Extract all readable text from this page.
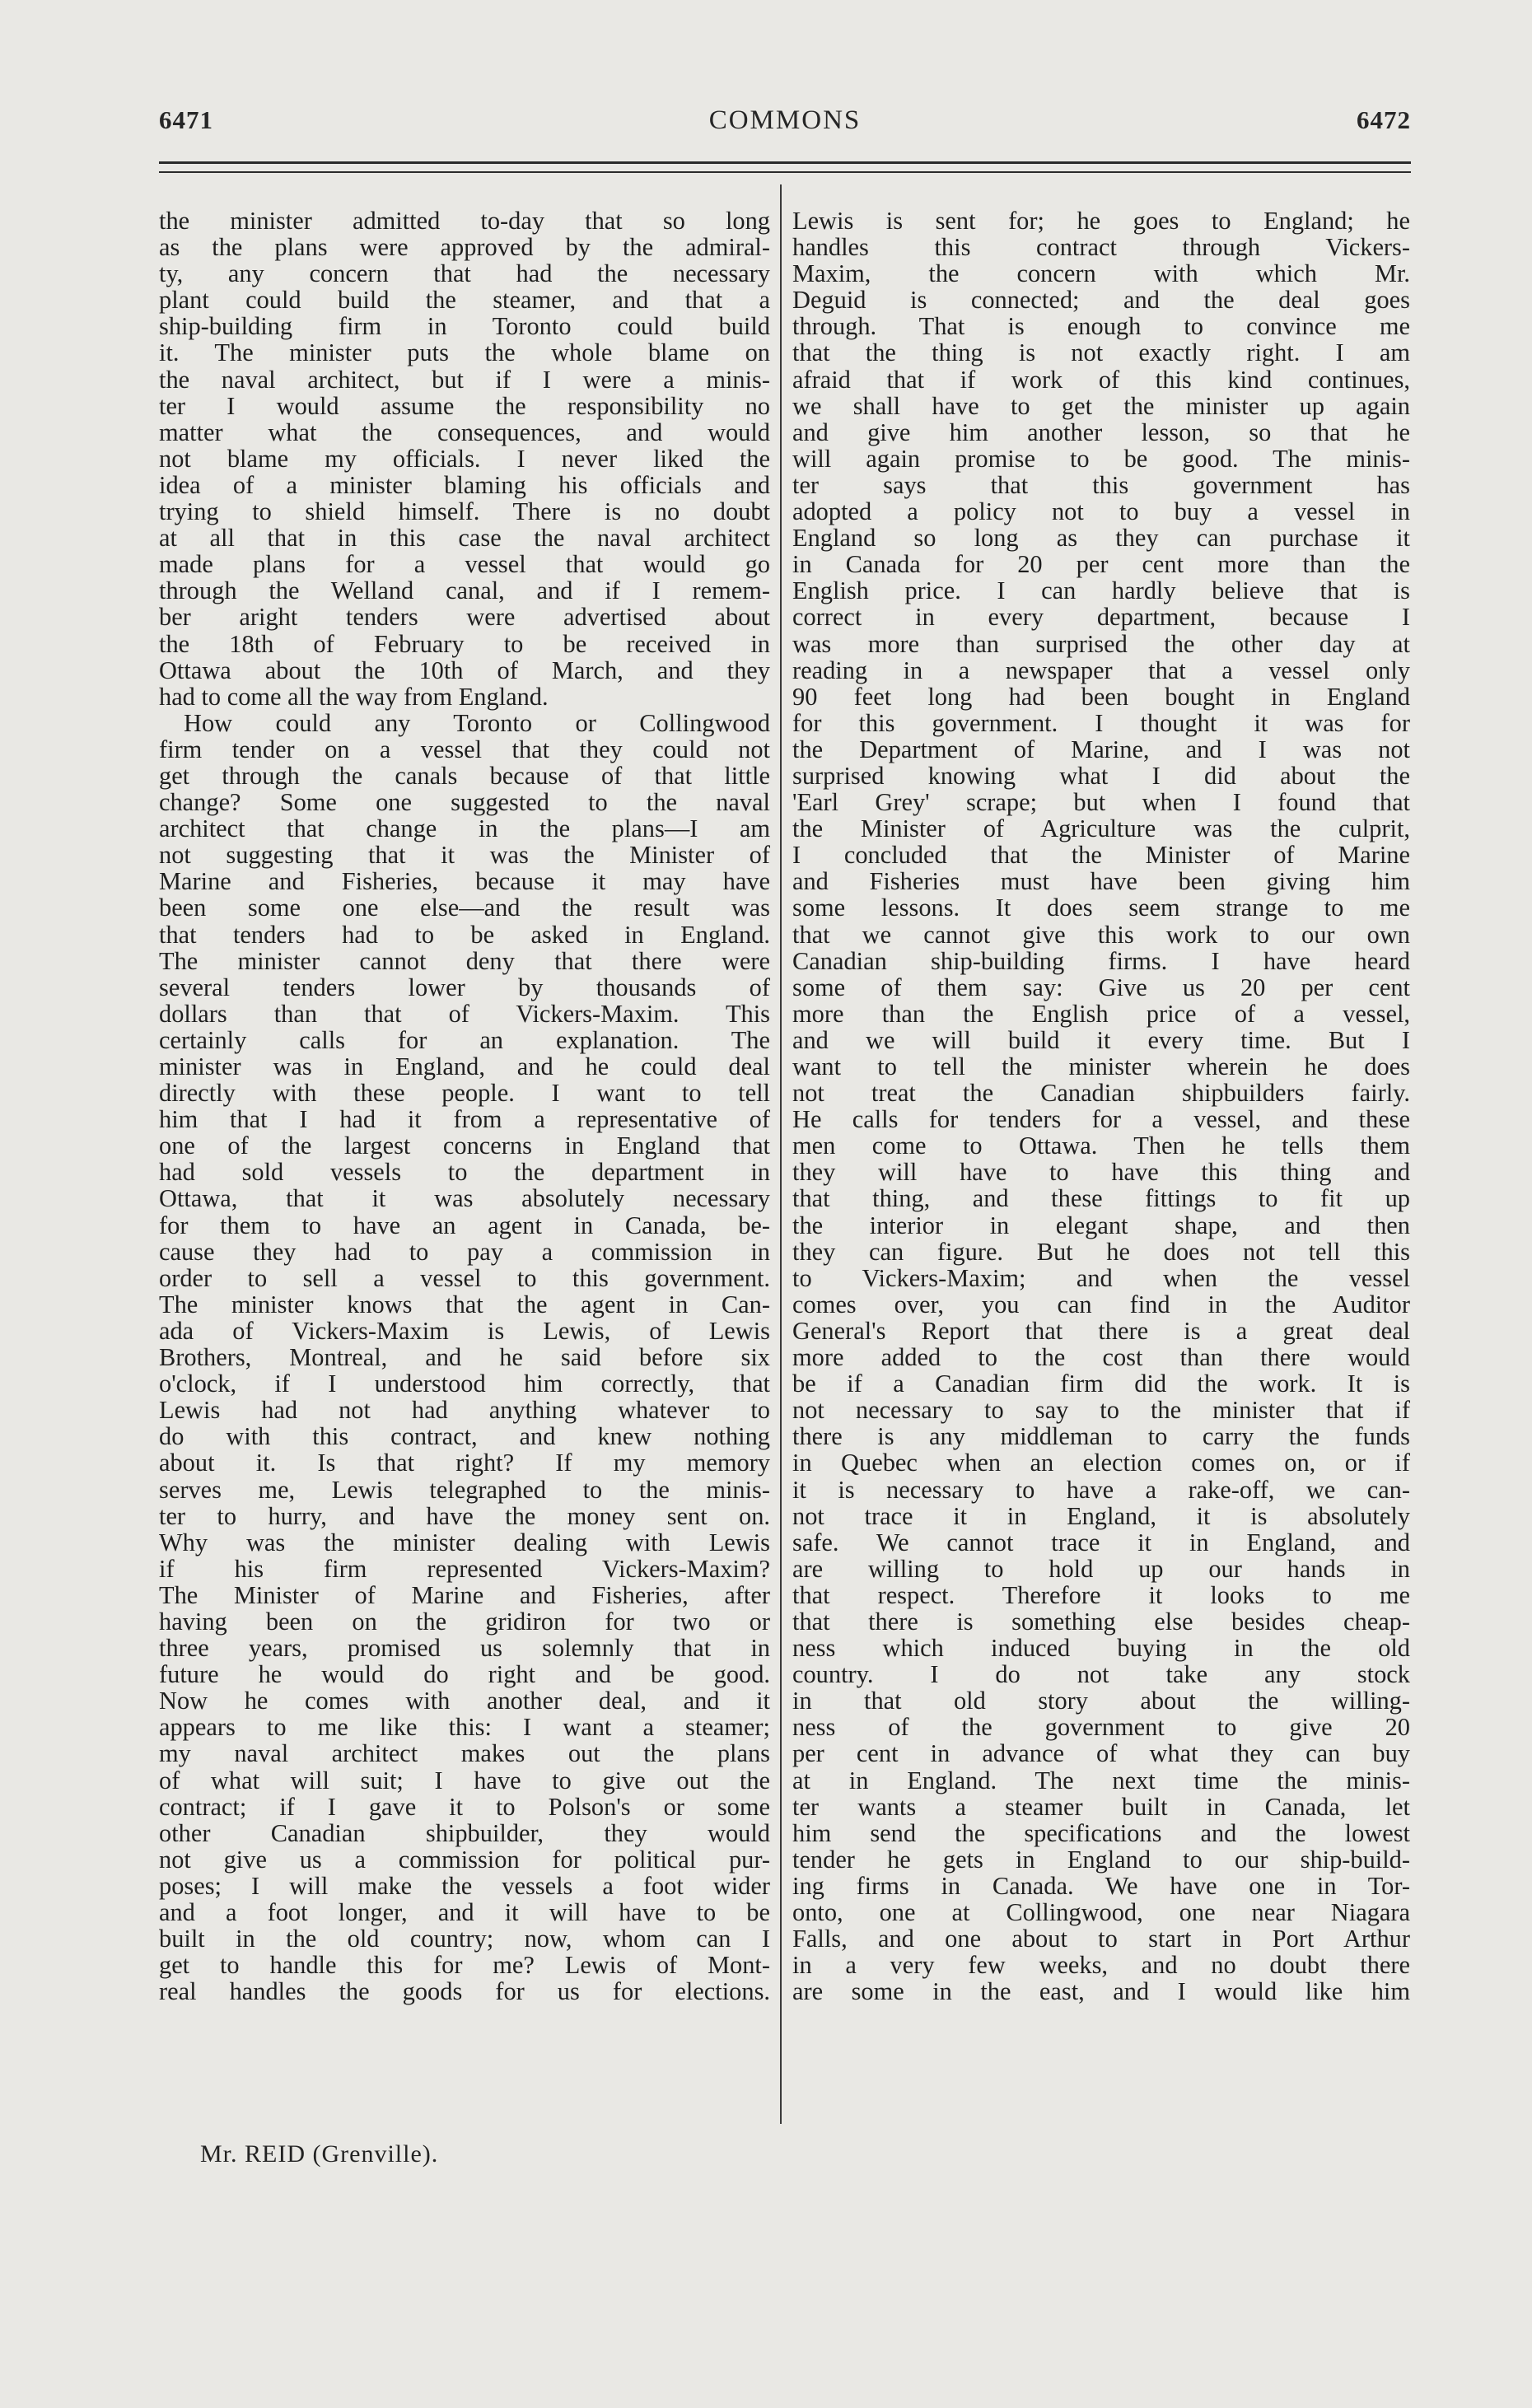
6471	COMMONS	6472
the minister admitted to-day that so long
as the plans were approved by the admiral-
ty, any concern that had the necessary
plant could build the steamer, and that a
ship-building firm in Toronto could build
it. The minister puts the whole blame on
the naval architect, but if I were a minis-
ter I would assume the responsibility no
matter what the consequences, and would
not blame my officials. I never liked the
idea of a minister blaming his officials and
trying to shield himself. There is no doubt
at all that in this case the naval architect
made plans for a vessel that would go
through the Welland canal, and if I remem-
ber aright tenders were advertised about
the 18th of February to be received in
Ottawa about the 10th of March, and they
had to come all the way from England.
How could any Toronto or Collingwood
firm tender on a vessel that they could not
get through the canals because of that little
change? Some one suggested to the naval
architect that change in the plans—I am
not suggesting that it was the Minister of
Marine and Fisheries, because it may have
been some one else—and the result was
that tenders had to be asked in England.
The minister cannot deny that there were
several tenders lower by thousands of
dollars than that of Vickers-Maxim. This
certainly calls for an explanation. The
minister was in England, and he could deal
directly with these people. I want to tell
him that I had it from a representative of
one of the largest concerns in England that
had sold vessels to the department in
Ottawa, that it was absolutely necessary
for them to have an agent in Canada, be-
cause they had to pay a commission in
order to sell a vessel to this government.
The minister knows that the agent in Can-
ada of Vickers-Maxim is Lewis, of Lewis
Brothers, Montreal, and he said before six
o'clock, if I understood him correctly, that
Lewis had not had anything whatever to
do with this contract, and knew nothing
about it. Is that right? If my memory
serves me, Lewis telegraphed to the minis-
ter to hurry, and have the money sent on.
Why was the minister dealing with Lewis
if his firm represented Vickers-Maxim?
The Minister of Marine and Fisheries, after
having been on the gridiron for two or
three years, promised us solemnly that in
future he would do right and be good.
Now he comes with another deal, and it
appears to me like this: I want a steamer;
my naval architect makes out the plans
of what will suit; I have to give out the
contract; if I gave it to Polson's or some
other Canadian shipbuilder, they would
not give us a commission for political pur-
poses; I will make the vessels a foot wider
and a foot longer, and it will have to be
built in the old country; now, whom can I
get to handle this for me? Lewis of Mont-
real handles the goods for us for elections.
Lewis is sent for; he goes to England; he
handles this contract through Vickers-
Maxim, the concern with which Mr.
Deguid is connected; and the deal goes
through. That is enough to convince me
that the thing is not exactly right. I am
afraid that if work of this kind continues,
we shall have to get the minister up again
and give him another lesson, so that he
will again promise to be good. The minis-
ter says that this government has
adopted a policy not to buy a vessel in
England so long as they can purchase it
in Canada for 20 per cent more than the
English price. I can hardly believe that is
correct in every department, because I
was more than surprised the other day at
reading in a newspaper that a vessel only
90 feet long had been bought in England
for this government. I thought it was for
the Department of Marine, and I was not
surprised knowing what I did about the
'Earl Grey' scrape; but when I found that
the Minister of Agriculture was the culprit,
I concluded that the Minister of Marine
and Fisheries must have been giving him
some lessons. It does seem strange to me
that we cannot give this work to our own
Canadian ship-building firms. I have heard
some of them say: Give us 20 per cent
more than the English price of a vessel,
and we will build it every time. But I
want to tell the minister wherein he does
not treat the Canadian shipbuilders fairly.
He calls for tenders for a vessel, and these
men come to Ottawa. Then he tells them
they will have to have this thing and
that thing, and these fittings to fit up
the interior in elegant shape, and then
they can figure. But he does not tell this
to Vickers-Maxim; and when the vessel
comes over, you can find in the Auditor
General's Report that there is a great deal
more added to the cost than there would
be if a Canadian firm did the work. It is
not necessary to say to the minister that if
there is any middleman to carry the funds
in Quebec when an election comes on, or if
it is necessary to have a rake-off, we can-
not trace it in England, it is absolutely
safe. We cannot trace it in England, and
are willing to hold up our hands in
that respect. Therefore it looks to me
that there is something else besides cheap-
ness which induced buying in the old
country. I do not take any stock
in that old story about the willing-
ness of the government to give 20
per cent in advance of what they can buy
at in England. The next time the minis-
ter wants a steamer built in Canada, let
him send the specifications and the lowest
tender he gets in England to our ship-build-
ing firms in Canada. We have one in Tor-
onto, one at Collingwood, one near Niagara
Falls, and one about to start in Port Arthur
in a very few weeks, and no doubt there
are some in the east, and I would like him
Mr. REID (Grenville).
